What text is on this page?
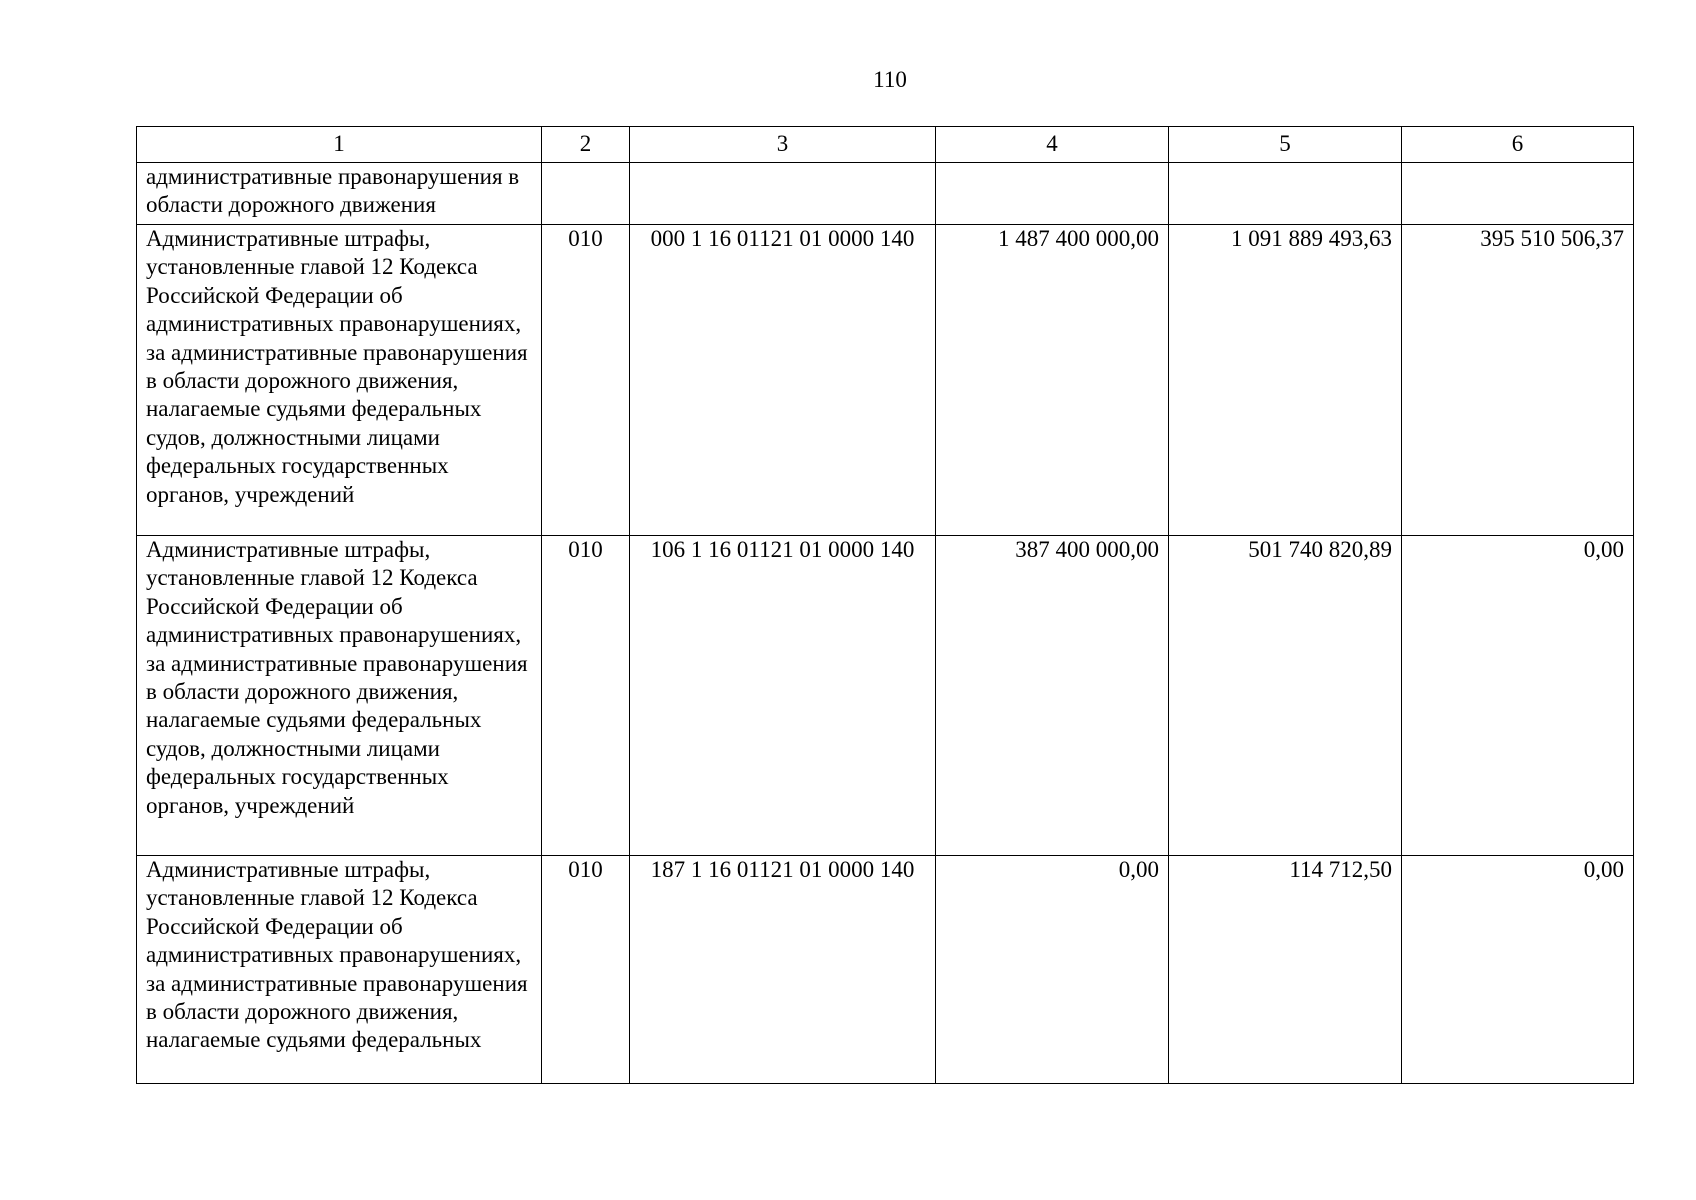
110
1	2	3	4	5	6
административные правонарушения в области дорожного движения					
Административные штрафы, установленные главой 12 Кодекса Российской Федерации об административных правонарушениях, за административные правонарушения в области дорожного движения, налагаемые судьями федеральных судов, должностными лицами федеральных государственных органов, учреждений	010	000 1 16 01121 01 0000 140	1 487 400 000,00	1 091 889 493,63	395 510 506,37
Административные штрафы, установленные главой 12 Кодекса Российской Федерации об административных правонарушениях, за административные правонарушения в области дорожного движения, налагаемые судьями федеральных судов, должностными лицами федеральных государственных органов, учреждений	010	106 1 16 01121 01 0000 140	387 400 000,00	501 740 820,89	0,00
Административные штрафы, установленные главой 12 Кодекса Российской Федерации об административных правонарушениях, за административные правонарушения в области дорожного движения, налагаемые судьями федеральных	010	187 1 16 01121 01 0000 140	0,00	114 712,50	0,00
